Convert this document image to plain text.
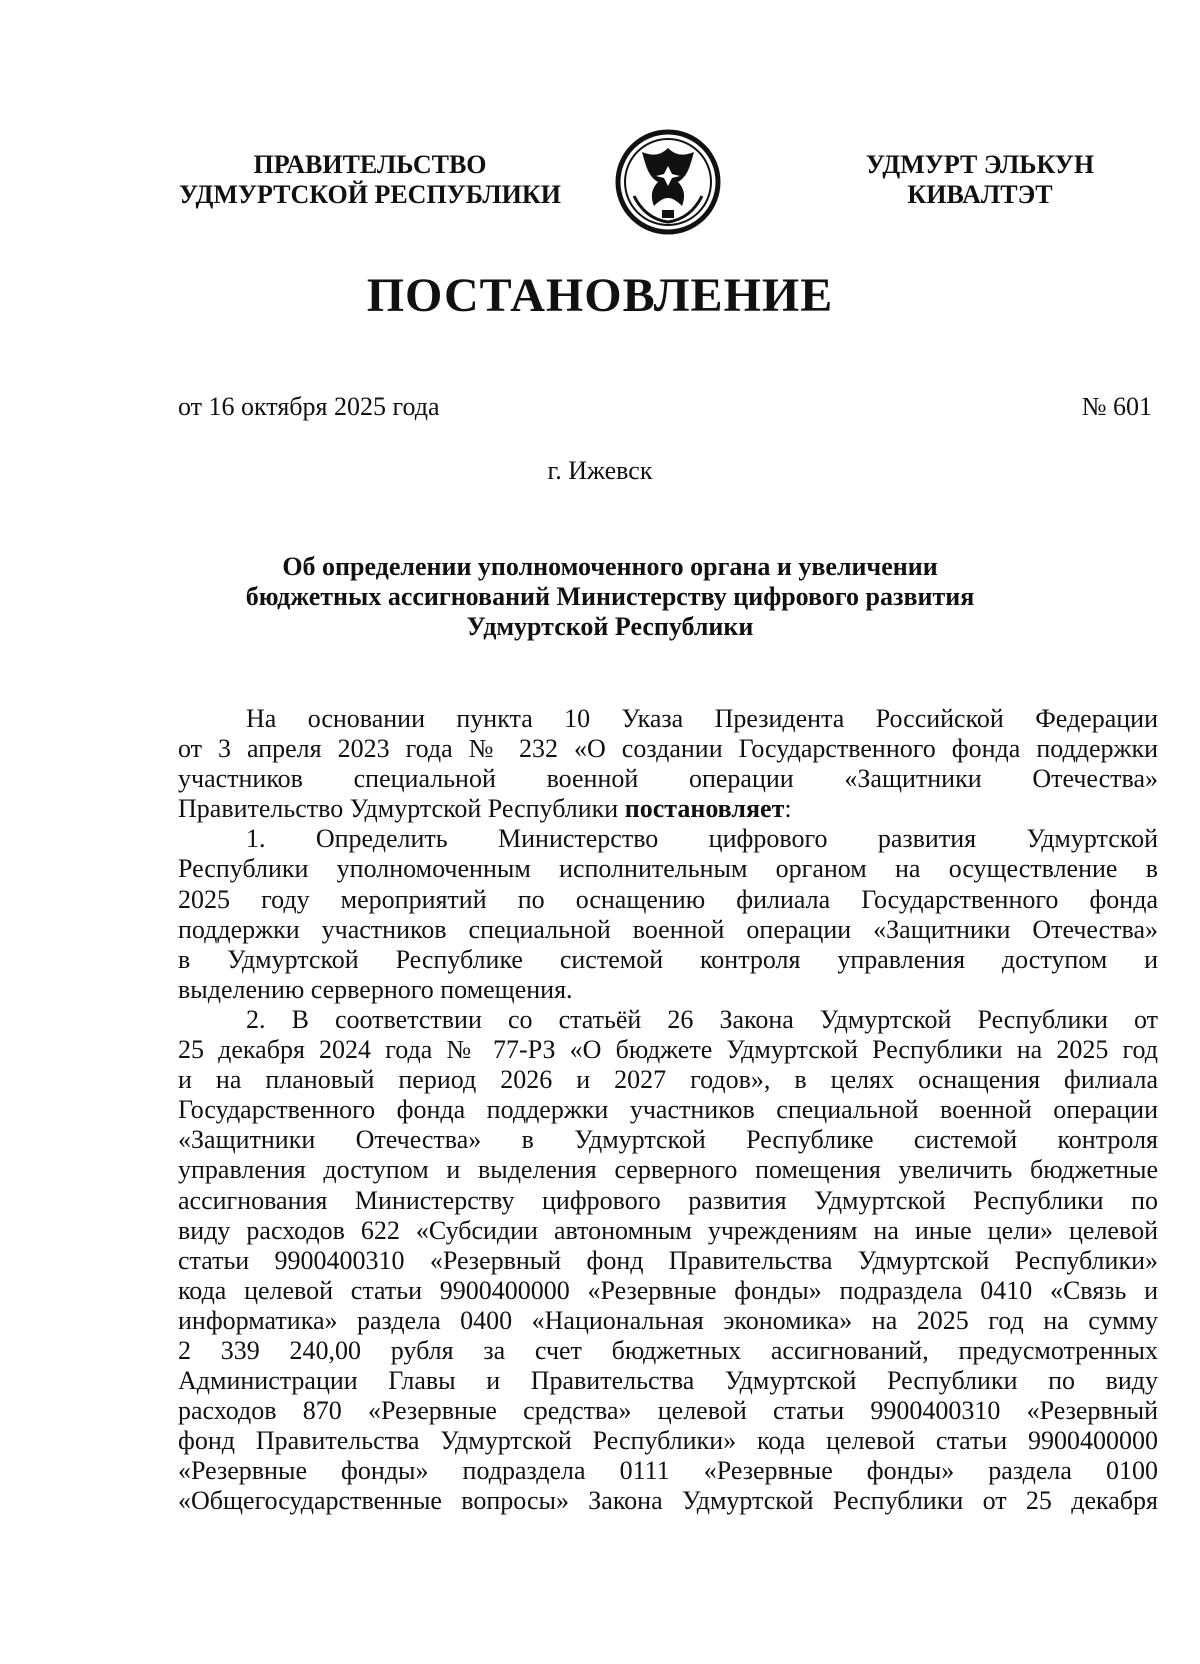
ПРАВИТЕЛЬСТВО
УДМУРТСКОЙ РЕСПУБЛИКИ
УДМУРТ ЭЛЬКУН
КИВАЛТЭТ
ПОСТАНОВЛЕНИЕ
от 16 октября 2025 года	№ 601
г. Ижевск
Об определении уполномоченного органа и увеличении
бюджетных ассигнований Министерству цифрового развития
Удмуртской Республики
На основании пункта 10 Указа Президента Российской Федерации
от 3 апреля 2023 года № 232 «О создании Государственного фонда поддержки
участников специальной военной операции «Защитники Отечества»
Правительство Удмуртской Республики постановляет:
1. Определить Министерство цифрового развития Удмуртской
Республики уполномоченным исполнительным органом на осуществление в
2025 году мероприятий по оснащению филиала Государственного фонда
поддержки участников специальной военной операции «Защитники Отечества»
в Удмуртской Республике системой контроля управления доступом и
выделению серверного помещения.
2. В соответствии со статьёй 26 Закона Удмуртской Республики от
25 декабря 2024 года № 77-РЗ «О бюджете Удмуртской Республики на 2025 год
и на плановый период 2026 и 2027 годов», в целях оснащения филиала
Государственного фонда поддержки участников специальной военной операции
«Защитники Отечества» в Удмуртской Республике системой контроля
управления доступом и выделения серверного помещения увеличить бюджетные
ассигнования Министерству цифрового развития Удмуртской Республики по
виду расходов 622 «Субсидии автономным учреждениям на иные цели» целевой
статьи 9900400310 «Резервный фонд Правительства Удмуртской Республики»
кода целевой статьи 9900400000 «Резервные фонды» подраздела 0410 «Связь и
информатика» раздела 0400 «Национальная экономика» на 2025 год на сумму
2 339 240,00 рубля за счет бюджетных ассигнований, предусмотренных
Администрации Главы и Правительства Удмуртской Республики по виду
расходов 870 «Резервные средства» целевой статьи 9900400310 «Резервный
фонд Правительства Удмуртской Республики» кода целевой статьи 9900400000
«Резервные фонды» подраздела 0111 «Резервные фонды» раздела 0100
«Общегосударственные вопросы» Закона Удмуртской Республики от 25 декабря
